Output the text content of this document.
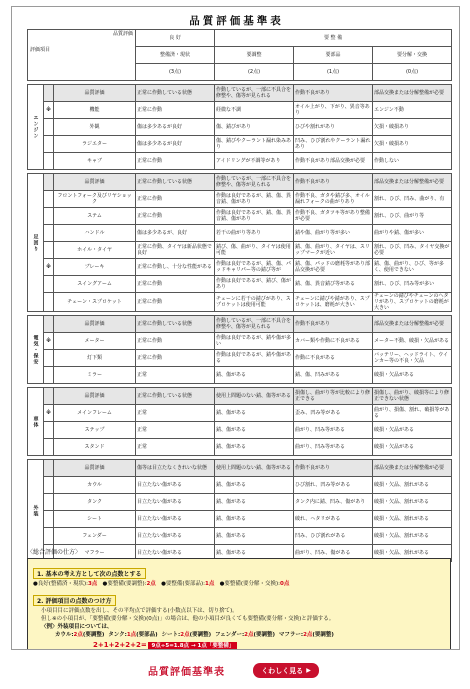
品質評価基準表
品質評価
評価項目			良 好	要 整 備		
			整備済・現状	要調整	要部品	要分解・交換
			(3点)	(2点)	(1点)	(0点)

エンジン		品質評価	正常に作動している状態	作動しているが、一部に不具合を修整や、傷等が見られる	作動不良があり	部品交換または分解整備が必要
	※	機能	正常に作動	経微な不調	オイル上がり、下がり、異音等あり	エンジン不動
		外観	傷は多少あるが良好	傷、錆びがあり	ひびや割れがあり	欠損・破損あり
		ラジエター	傷は多少あるが良好	傷、錆びやクーラント漏れ染みあり	凹み、ひび割れやクーラント漏れあり	欠損・破損あり
		キャブ	正常に作動	アイドリングが不調等があり	作動不良があり部品交換が必要	作動しない

足回り		品質評価	正常に作動している状態	作動しているが、一部に不具合を修整や、傷等が見られる	作動不良があり	部品交換または分解整備が必要
		フロントフォーク及びリヤショック	正常に作動	作動は良好であるが、錆、傷、異音錆、傷があり	作動不良、ガタや錆び多、オイル漏れフォークの曲がりあり	割れ、ひび、凹み、曲がり、有
		ステム	正常に作動	作動は良好であるが、錆、傷、異音錆、傷があり	作動不良、ガタツキ等があり整備が必要	割れ、ひび、曲がり等
		ハンドル	傷は多少あるが、良好	若干の曲がり等あり	錆や傷、曲がり等が多い	曲がりや錆、傷が多い
		ホイル・タイヤ	正常に作動、タイヤは新品状態で良好	錆び、傷、曲がり、タイヤは使用可能	錆、傷、曲がり、タイヤは、スリップマークが近い	割れ、ひび、凹み、タイヤ交換が必要
	※	ブレーキ	正常に作動し、十分な性能がある	作動は良好であるが、錆、傷、パッドキャリパー等の錆び等が	錆、傷、パッドの磨耗等があり部品交換が必要	錆、傷、曲がり、ひび、等が多く、使用できない
		スイングアーム	正常に作動	作動は良好であるが、錆び、傷があり	錆、傷、異音錆び等がある	割れ、ひび、凹み等が多い
		チェーン・スプロケット	正常に作動	チェーンに若干の錆びがあり、スプロケットは使用可能	チェーンに錆びや錆があり、スプロケットは、磨耗が大きい	チェーンの錆びやチェーンのへタリがあり、スプロケットの磨耗が大きい

電気・保安		品質評価	正常に作動している状態	作動しているが、一部に不具合を修整や、傷等が見られる	作動不良があり	部品交換または分解整備が必要
	※	メーター	正常に作動	作動は良好であるが、錆や傷が多い	カバー類や作動に不良がある	メーター不動、破損・欠品がある
		灯下類	正常に作動	作動は良好であるが、錆や傷がある	作動に不良がある	バッテリー、ヘッドライト、ウインカー等の不良・欠品
		ミラー	正常	錆、傷がある	錆、傷、凹みがある	破損・欠品がある

車体		品質評価	正常に作動している状態	使用上問題のない錆、傷等がある	損傷し、曲がり等が比較により修正できる	損傷し、曲がり、破損等により修正できない状態
	※	メインフレーム	正常	錆、傷がある	歪み、凹み等がある	曲がり、損傷、割れ、破損等がある
		ステップ	正常	錆、傷がある	曲がり、凹み等がある	破損・欠品がある
		スタンド	正常	錆、傷がある	曲がり、凹み等がある	破損・欠品がある

外装		品質評価	傷等は目立たなくきれいな状態	使用上問題のない錆、傷等がある	作動不良があり	部品交換または分解整備が必要
		カウル	目立たない傷がある	錆、傷がある	ひび割れ、凹み等がある	破損・欠品、割れがある
		タンク	目立たない傷がある	錆、傷がある	タンク内に錆、凹み、傷があり	破損・欠品、割れがある
		シート	目立たない傷がある	錆、傷がある	破れ、ヘタリがある	破損・欠品、割れがある
		フェンダー	目立たない傷がある	錆、傷がある	凹み、ひび割れがある	破損・欠品、割れがある
		マフラー	目立たない傷がある	錆、傷がある	曲がり、凹み、傷がある	破損・欠品、割れがある
〈総合評価の仕方〉
1. 基本の考え方として次の点数とする
●良好(整備済・現状):3点 ●要整備(要調整):2点 ●要整備(要部品):1点 ●要整備(要分解・交換):0点
2. 評価項目の点数のつけ方
小項目目に評価点数を出し、その平均点で評価する(小数点以下は、切り捨て)。
但し※の小項目が、「要整備(要分解・交換)(0点)」の場合は、他の小項目が良くても要整備(要分解・交換)と評価する。
〈例〉外装項目については、
カウル:2点(要調整) タンク:1点(要部品) シート:2点(要調整) フェンダー:2点(要調整) マフラー:2点(要調整)
2+1+2+2+2= 9点÷5=1.8点 → 1点「要整備」
品質評価基準表	くわしく見る ▶
